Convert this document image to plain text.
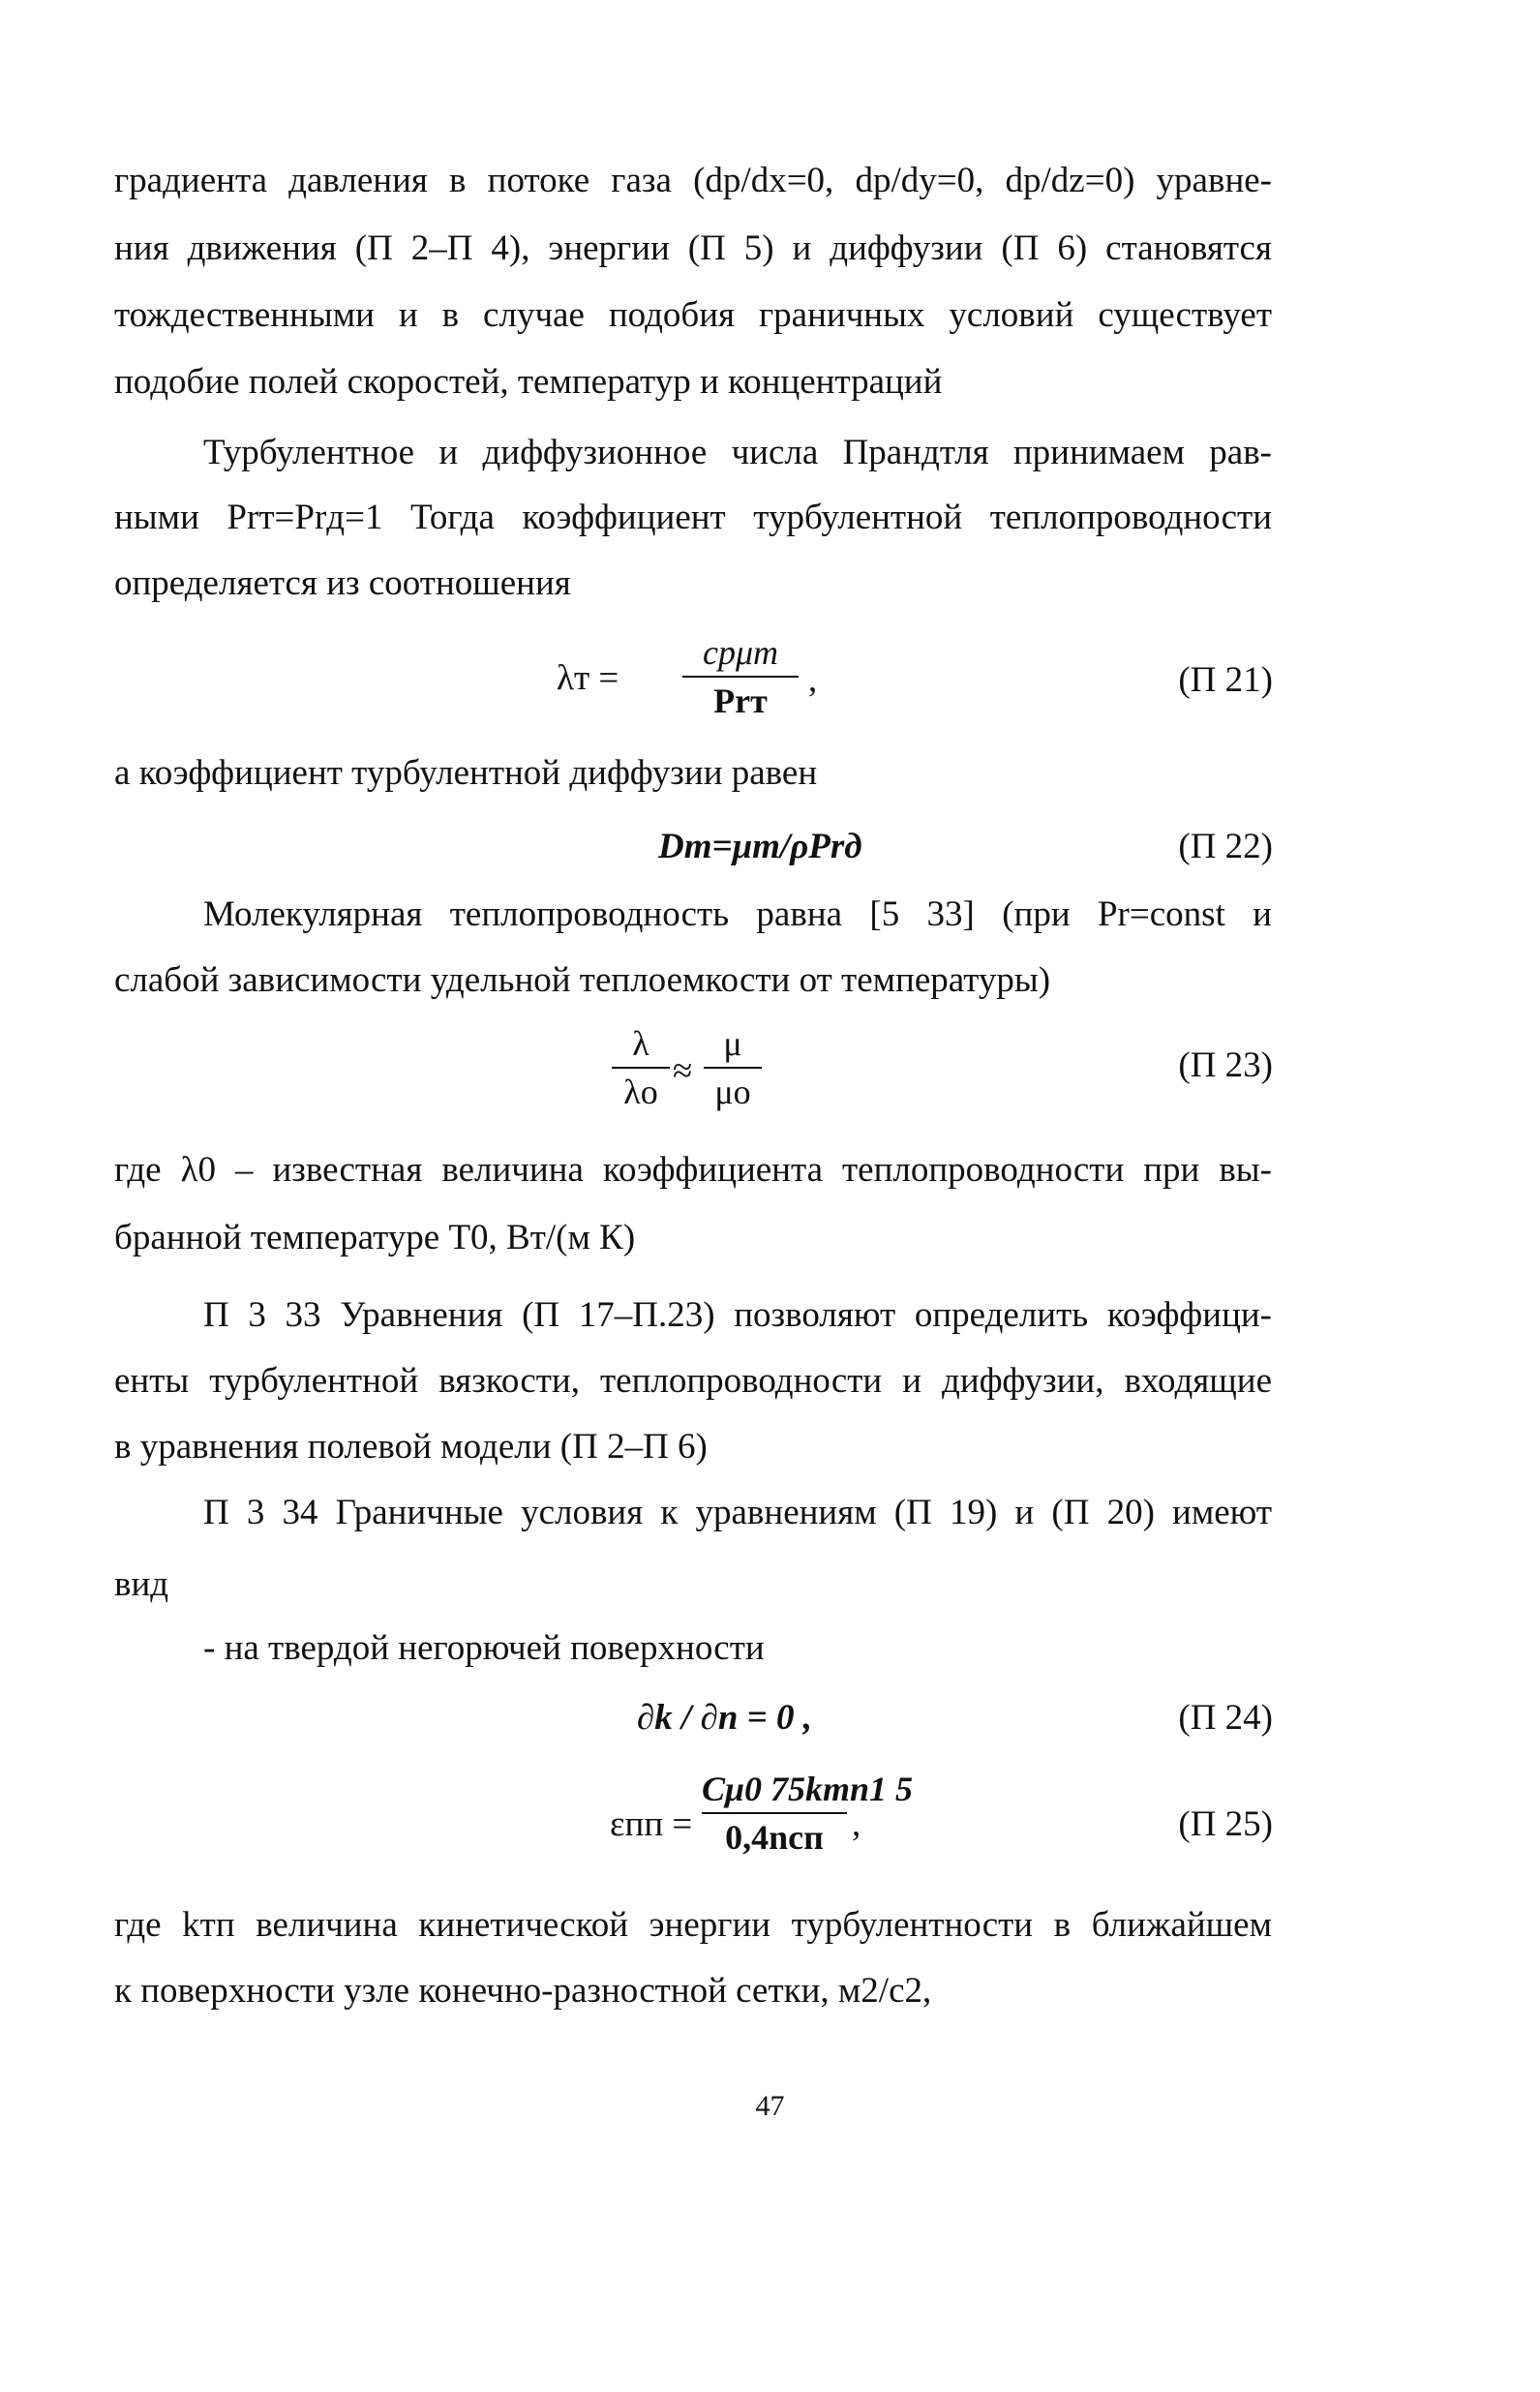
градиента давления в потоке газа (dp/dx=0, dp/dy=0, dp/dz=0) уравне-
ния движения (П 2–П 4), энергии (П 5) и диффузии (П 6) становятся
тождественными и в случае подобия граничных условий существует
подобие полей скоростей, температур и концентраций
Турбулентное и диффузионное числа Прандтля принимаем рав-
ными Prт=Prд=1 Тогда коэффициент турбулентной теплопроводности
определяется из соотношения
λт =
cpμт
Prт
,	(П 21)
а коэффициент турбулентной диффузии равен
Dт=μт/ρPrд	(П 22)
Молекулярная теплопроводность равна [5 33] (при Pr=const и
слабой зависимости удельной теплоемкости от температуры)
λ
λo
≈
μ
μo
(П 23)
где λ0 – известная величина коэффициента теплопроводности при вы-
бранной температуре T0, Вт/(м К)
П 3 33 Уравнения (П 17–П.23) позволяют определить коэффици-
енты турбулентной вязкости, теплопроводности и диффузии, входящие
в уравнения полевой модели (П 2–П 6)
П 3 34 Граничные условия к уравнениям (П 19) и (П 20) имеют
вид
- на твердой негорючей поверхности
∂k / ∂n = 0 ,	(П 24)
εпп =
Cμ0 75kтп1 5
0,4nсп ,	(П 25)
где kтп величина кинетической энергии турбулентности в ближайшем
к поверхности узле конечно-разностной сетки, м2/с2,
47
